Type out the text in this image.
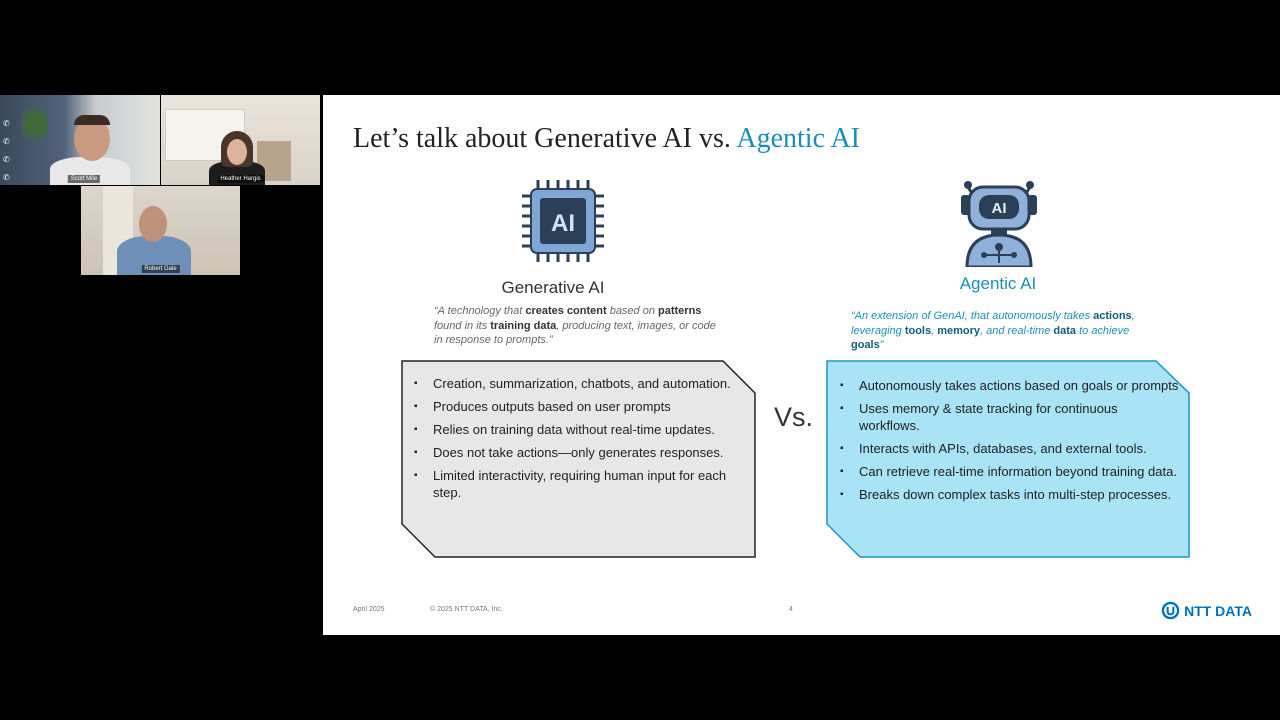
✆
✆
✆
✆	Scott Mile	Heather Hargis
Robert Gale
Let’s talk about Generative AI vs. Agentic AI
AI
AI
Generative AI	Agentic AI
“A technology that creates content based on patterns found in its training data, producing text, images, or code in response to prompts.”
“An extension of GenAI, that autonomously takes actions, leveraging tools, memory, and real-time data to achieve goals”
▪ Creation, summarization, chatbots, and automation.
▪ Produces outputs based on user prompts
▪ Relies on training data without real-time updates.
▪ Does not take actions—only generates responses.
▪ Limited interactivity, requiring human input for each step.
Vs.
▪ Autonomously takes actions based on goals or prompts
▪ Uses memory & state tracking for continuous workflows.
▪ Interacts with APIs, databases, and external tools.
▪ Can retrieve real-time information beyond training data.
▪ Breaks down complex tasks into multi-step processes.
April 2025	© 2025 NTT DATA, Inc.	4	NTT DATA
